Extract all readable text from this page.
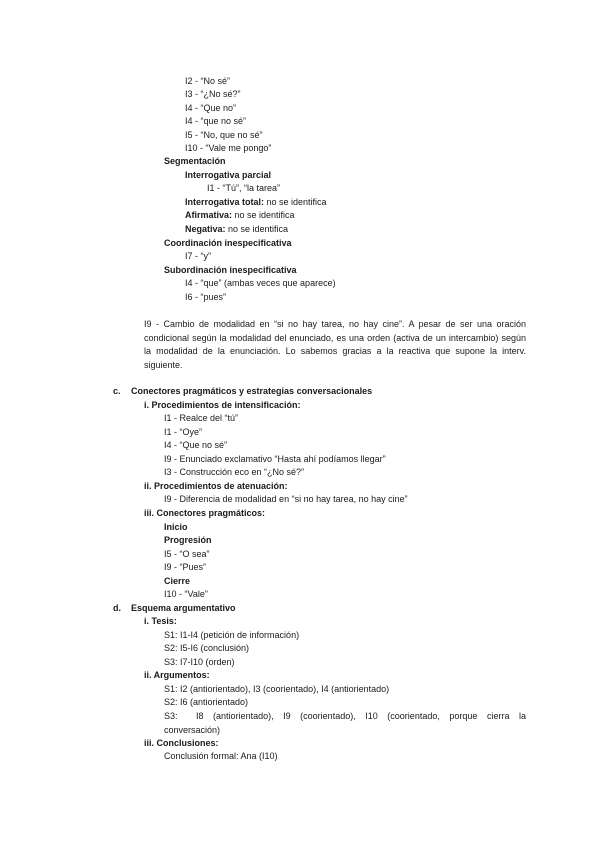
I2 - “No sé”
I3 - “¿No sé?”
I4 - “Que no”
I4 - “que no sé”
I5 - “No, que no sé”
I10 - “Vale me pongo”
Segmentación
Interrogativa parcial
I1 - “Tú”, “la tarea”
Interrogativa total: no se identifica
Afirmativa: no se identifica
Negativa: no se identifica
Coordinación inespecificativa
I7 - “y”
Subordinación inespecificativa
I4 - “que” (ambas veces que aparece)
I6 - “pues”
I9 - Cambio de modalidad en “si no hay tarea, no hay cine”. A pesar de ser una oración condicional según la modalidad del enunciado, es una orden (activa de un intercambio) según la modalidad de la enunciación. Lo sabemos gracias a la reactiva que supone la interv. siguiente.
c. Conectores pragmáticos y estrategias conversacionales
i. Procedimientos de intensificación:
I1 - Realce del “tú”
I1 - “Oye”
I4 - “Que no sé”
I9 - Enunciado exclamativo “Hasta ahí podíamos llegar”
I3 - Construcción eco en “¿No sé?”
ii. Procedimientos de atenuación:
I9 - Diferencia de modalidad en “si no hay tarea, no hay cine”
iii. Conectores pragmáticos:
Inicio
Progresión
I5 - “O sea”
I9 - “Pues”
Cierre
I10 - “Vale”
d. Esquema argumentativo
i. Tesis:
S1: I1-I4 (petición de información)
S2: I5-I6 (conclusión)
S3: I7-I10 (orden)
ii. Argumentos:
S1: I2 (antiorientado), I3 (coorientado), I4 (antiorientado)
S2: I6 (antiorientado)
S3: I8 (antiorientado), I9 (coorientado), I10 (coorientado, porque cierra la conversación)
iii. Conclusiones:
Conclusión formal: Ana (I10)
